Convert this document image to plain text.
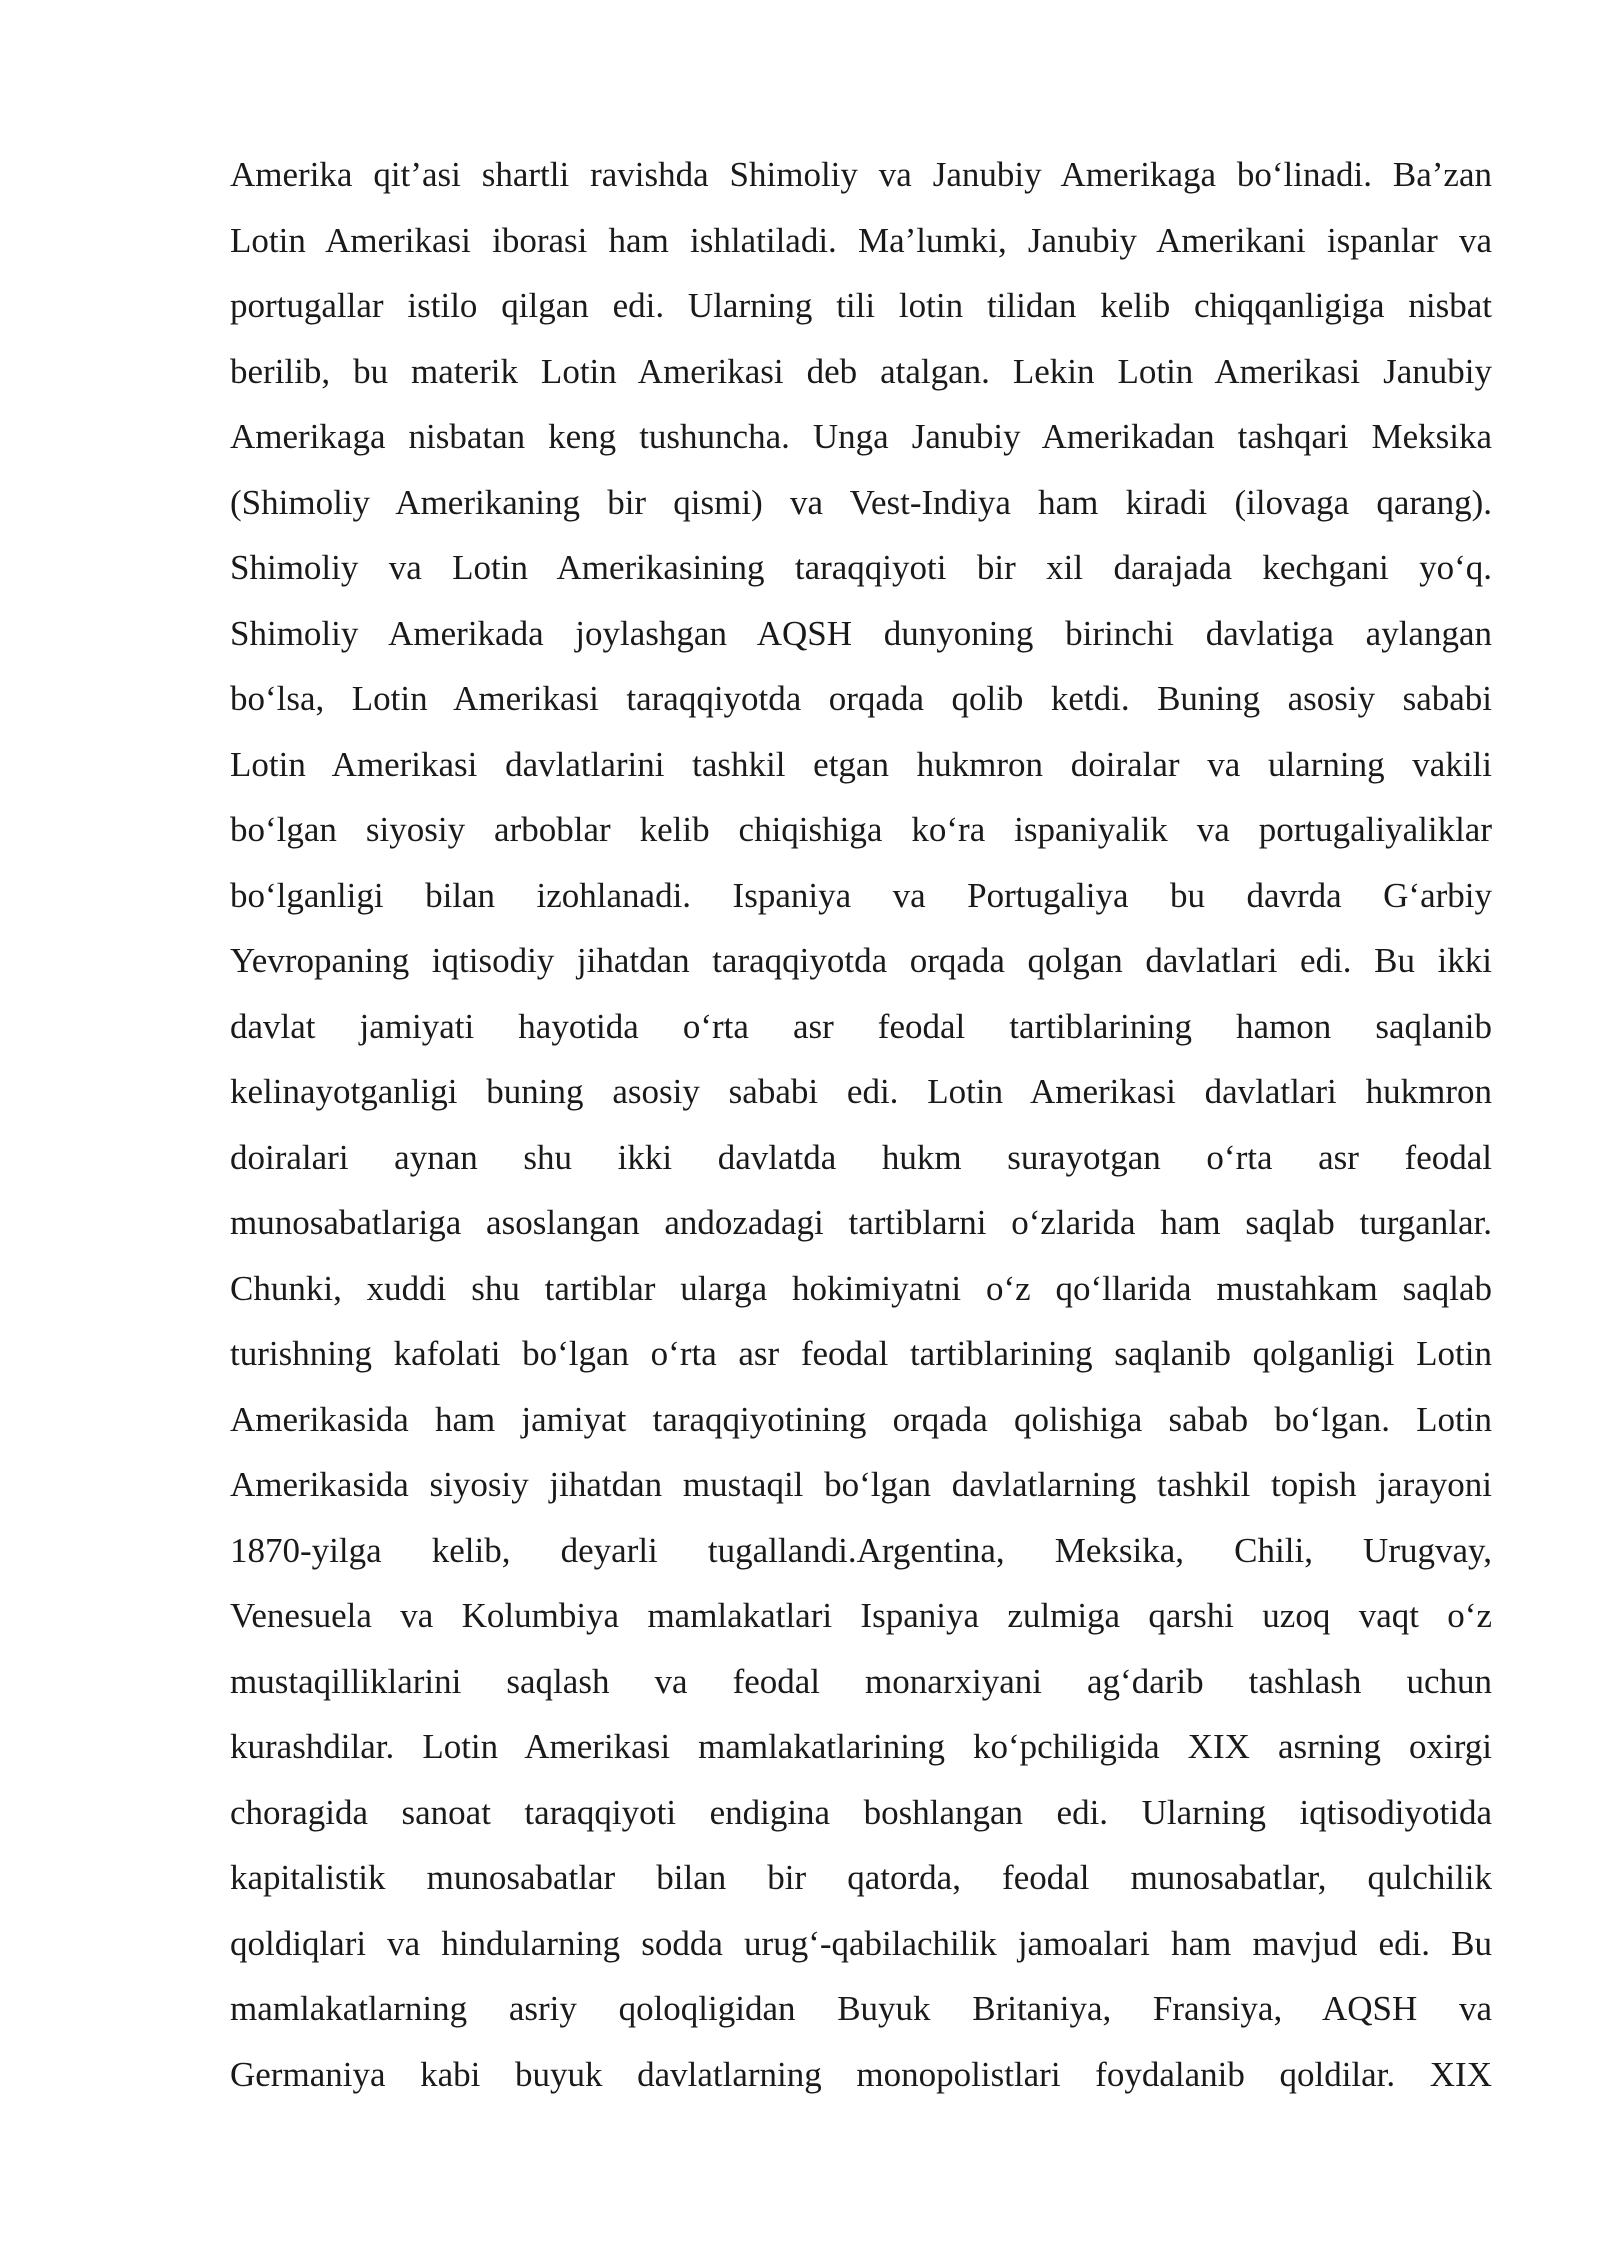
Amerika qit’asi shartli ravishda Shimoliy va Janubiy Amerikaga bo‘linadi. Ba’zan
Lotin Amerikasi iborasi ham ishlatiladi. Ma’lumki, Janubiy Amerikani ispanlar va
portugallar istilo qilgan edi. Ularning tili lotin tilidan kelib chiqqanligiga nisbat
berilib, bu materik Lotin Amerikasi deb atalgan. Lekin Lotin Amerikasi Janubiy
Amerikaga nisbatan keng tushuncha. Unga Janubiy Amerikadan tashqari Meksika
(Shimoliy Amerikaning bir qismi) va Vest-Indiya ham kiradi (ilovaga qarang).
Shimoliy va Lotin Amerikasining taraqqiyoti bir xil darajada kechgani yo‘q.
Shimoliy Amerikada joylashgan AQSH dunyoning birinchi davlatiga aylangan
bo‘lsa, Lotin Amerikasi taraqqiyotda orqada qolib ketdi. Buning asosiy sababi
Lotin Amerikasi davlatlarini tashkil etgan hukmron doiralar va ularning vakili
bo‘lgan siyosiy arboblar kelib chiqishiga ko‘ra ispaniyalik va portugaliyaliklar
bo‘lganligi bilan izohlanadi. Ispaniya va Portugaliya bu davrda G‘arbiy
Yevropaning iqtisodiy jihatdan taraqqiyotda orqada qolgan davlatlari edi. Bu ikki
davlat jamiyati hayotida o‘rta asr feodal tartiblarining hamon saqlanib
kelinayotganligi buning asosiy sababi edi. Lotin Amerikasi davlatlari hukmron
doiralari aynan shu ikki davlatda hukm surayotgan o‘rta asr feodal
munosabatlariga asoslangan andozadagi tartiblarni o‘zlarida ham saqlab turganlar.
Chunki, xuddi shu tartiblar ularga hokimiyatni o‘z qo‘llarida mustahkam saqlab
turishning kafolati bo‘lgan o‘rta asr feodal tartiblarining saqlanib qolganligi Lotin
Amerikasida ham jamiyat taraqqiyotining orqada qolishiga sabab bo‘lgan. Lotin
Amerikasida siyosiy jihatdan mustaqil bo‘lgan davlatlarning tashkil topish jarayoni
1870-yilga kelib, deyarli tugallandi.Argentina, Meksika, Chili, Urugvay,
Venesuela va Kolumbiya mamlakatlari Ispaniya zulmiga qarshi uzoq vaqt o‘z
mustaqilliklarini saqlash va feodal monarxiyani ag‘darib tashlash uchun
kurashdilar. Lotin Amerikasi mamlakatlarining ko‘pchiligida XIX asrning oxirgi
choragida sanoat taraqqiyoti endigina boshlangan edi. Ularning iqtisodiyotida
kapitalistik munosabatlar bilan bir qatorda, feodal munosabatlar, qulchilik
qoldiqlari va hindularning sodda urug‘-qabilachilik jamoalari ham mavjud edi. Bu
mamlakatlarning asriy qoloqligidan Buyuk Britaniya, Fransiya, AQSH va
Germaniya kabi buyuk davlatlarning monopolistlari foydalanib qoldilar. XIX
